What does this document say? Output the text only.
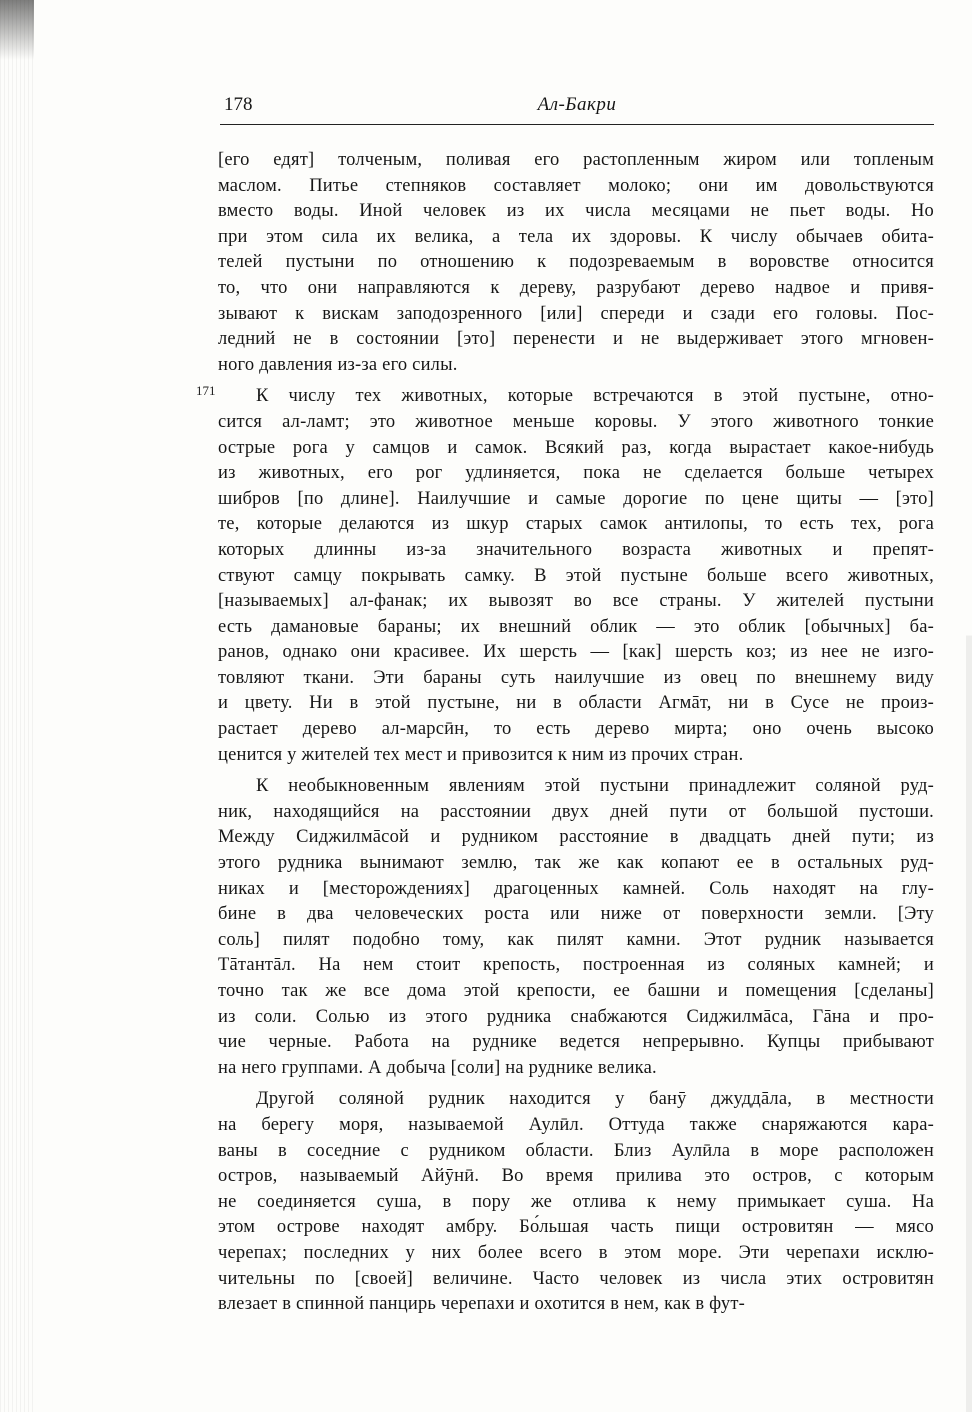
178	Ал-Бакри
171

[его едят] толченым, поливая его растопленным жиром или топленым
маслом. Питье степняков составляет молоко; они им довольствуются
вместо воды. Иной человек из их числа месяцами не пьет воды. Но
при этом сила их велика, а тела их здоровы. К числу обычаев обита-
телей пустыни по отношению к подозреваемым в воровстве относится
то, что они направляются к дереву, разрубают дерево надвое и привя-
зывают к вискам заподозренного [или] спереди и сзади его головы. Пос-
ледний не в состоянии [это] перенести и не выдерживает этого мгновен-
ного давления из-за его силы.

К числу тех животных, которые встречаются в этой пустыне, отно-
сится ал-ламт; это животное меньше коровы. У этого животного тонкие
острые рога у самцов и самок. Всякий раз, когда вырастает какое-нибудь
из животных, его рог удлиняется, пока не сделается больше четырех
шибров [по длине]. Наилучшие и самые дорогие по цене щиты — [это]
те, которые делаются из шкур старых самок антилопы, то есть тех, рога
которых длинны из-за значительного возраста животных и препят-
ствуют самцу покрывать самку. В этой пустыне больше всего животных,
[называемых] ал-фанак; их вывозят во все страны. У жителей пустыни
есть дамановые бараны; их внешний облик — это облик [обычных] ба-
ранов, однако они красивее. Их шерсть — [как] шерсть коз; из нее не изго-
товляют ткани. Эти бараны суть наилучшие из овец по внешнему виду
и цвету. Ни в этой пустыне, ни в области Агмāт, ни в Сусе не произ-
растает дерево ал-марсӣн, то есть дерево мирта; оно очень высоко
ценится у жителей тех мест и привозится к ним из прочих стран.

К необыкновенным явлениям этой пустыни принадлежит соляной руд-
ник, находящийся на расстоянии двух дней пути от большой пустоши.
Между Сиджилмāсой и рудником расстояние в двадцать дней пути; из
этого рудника вынимают землю, так же как копают ее в остальных руд-
никах и [месторождениях] драгоценных камней. Соль находят на глу-
бине в два человеческих роста или ниже от поверхности земли. [Эту
соль] пилят подобно тому, как пилят камни. Этот рудник называется
Тāтантāл. На нем стоит крепость, построенная из соляных камней; и
точно так же все дома этой крепости, ее башни и помещения [сделаны]
из соли. Солью из этого рудника снабжаются Сиджилмāса, Гāна и про-
чие черные. Работа на руднике ведется непрерывно. Купцы прибывают
на него группами. А добыча [соли] на руднике велика.

Другой соляной рудник находится у банӯ джуддāла, в местности
на берегу моря, называемой Аулӣл. Оттуда также снаряжаются кара-
ваны в соседние с рудником области. Близ Аулӣла в море расположен
остров, называемый Айӯнӣ. Во время прилива это остров, с которым
не соединяется суша, в пору же отлива к нему примыкает суша. На
этом острове находят амбру. Бо́льшая часть пищи островитян — мясо
черепах; последних у них более всего в этом море. Эти черепахи исклю-
чительны по [своей] величине. Часто человек из числа этих островитян
влезает в спинной панцирь черепахи и охотится в нем, как в фут-
